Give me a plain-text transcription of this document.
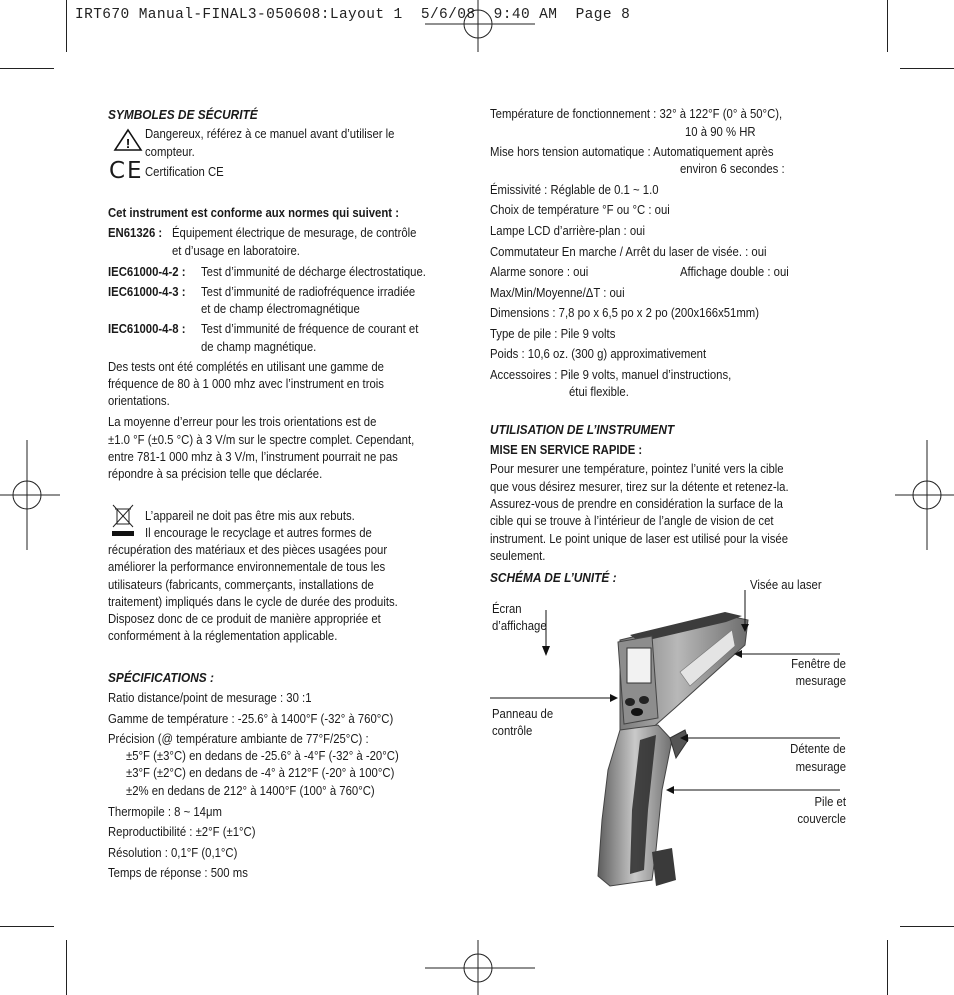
IRT670 Manual-FINAL3-050608:Layout 1  5/6/08  9:40 AM  Page 8
SYMBOLES DE SÉCURITÉ
!
Dangereux, référez à ce manuel avant d’utiliser le
compteur.
CE Certification CE
Cet instrument est conforme aux normes qui suivent :
EN61326 : Équipement électrique de mesurage, de contrôle
et d’usage en laboratoire.
IEC61000-4-2 : Test d’immunité de décharge électrostatique.
IEC61000-4-3 : Test d’immunité de radiofréquence irradiée
et de champ électromagnétique
IEC61000-4-8 : Test d’immunité de fréquence de courant et
de champ magnétique.
Des tests ont été complétés en utilisant une gamme de
fréquence de 80 à 1 000 mhz avec l’instrument en trois
orientations.
La moyenne d’erreur pour les trois orientations est de
±1.0 °F (±0.5 °C) à 3 V/m sur le spectre complet. Cependant,
entre 781-1 000 mhz à 3 V/m, l’instrument pourrait ne pas
répondre à sa précision telle que déclarée.
L’appareil ne doit pas être mis aux rebuts.
Il encourage le recyclage et autres formes de
récupération des matériaux et des pièces usagées pour
améliorer la performance environnementale de tous les
utilisateurs (fabricants, commerçants, installations de
traitement) impliqués dans le cycle de durée des produits.
Disposez donc de ce produit de manière appropriée et
conformément à la réglementation applicable.
SPÉCIFICATIONS :
Ratio distance/point de mesurage : 30 :1
Gamme de température : -25.6° à 1400°F (-32° à 760°C)
Précision (@ température ambiante de 77°F/25°C) :
±5°F (±3°C) en dedans de -25.6° à -4°F (-32° à -20°C)
±3°F (±2°C) en dedans de -4° à 212°F (-20° à 100°C)
±2% en dedans de 212° à 1400°F (100° à 760°C)
Thermopile : 8 ~ 14μm
Reproductibilité : ±2°F (±1°C)
Résolution : 0,1°F (0,1°C)
Temps de réponse : 500 ms
Température de fonctionnement : 32° à 122°F (0° à 50°C),
10 à 90 % HR
Mise hors tension automatique : Automatiquement après
environ 6 secondes :
Émissivité : Réglable de 0.1 ~ 1.0
Choix de température °F ou °C : oui
Lampe LCD d’arrière-plan : oui
Commutateur En marche / Arrêt du laser de visée. : oui
Alarme sonore : oui	Affichage double : oui
Max/Min/Moyenne/ΔT : oui
Dimensions : 7,8 po x 6,5 po x 2 po (200x166x51mm)
Type de pile : Pile 9 volts
Poids : 10,6 oz. (300 g) approximativement
Accessoires : Pile 9 volts, manuel d’instructions,
étui flexible.
UTILISATION DE L’INSTRUMENT
MISE EN SERVICE RAPIDE :
Pour mesurer une température, pointez l’unité vers la cible
que vous désirez mesurer, tirez sur la détente et retenez-la.
Assurez-vous de prendre en considération la surface de la
cible qui se trouve à l’intérieur de l’angle de vision de cet
instrument. Le point unique de laser est utilisé pour la visée
seulement.
SCHÉMA DE L’UNITÉ :	Visée au laser
Écran
d’affichage
Fenêtre de
mesurage
Panneau de
contrôle
Détente de
mesurage
Pile et
couvercle
